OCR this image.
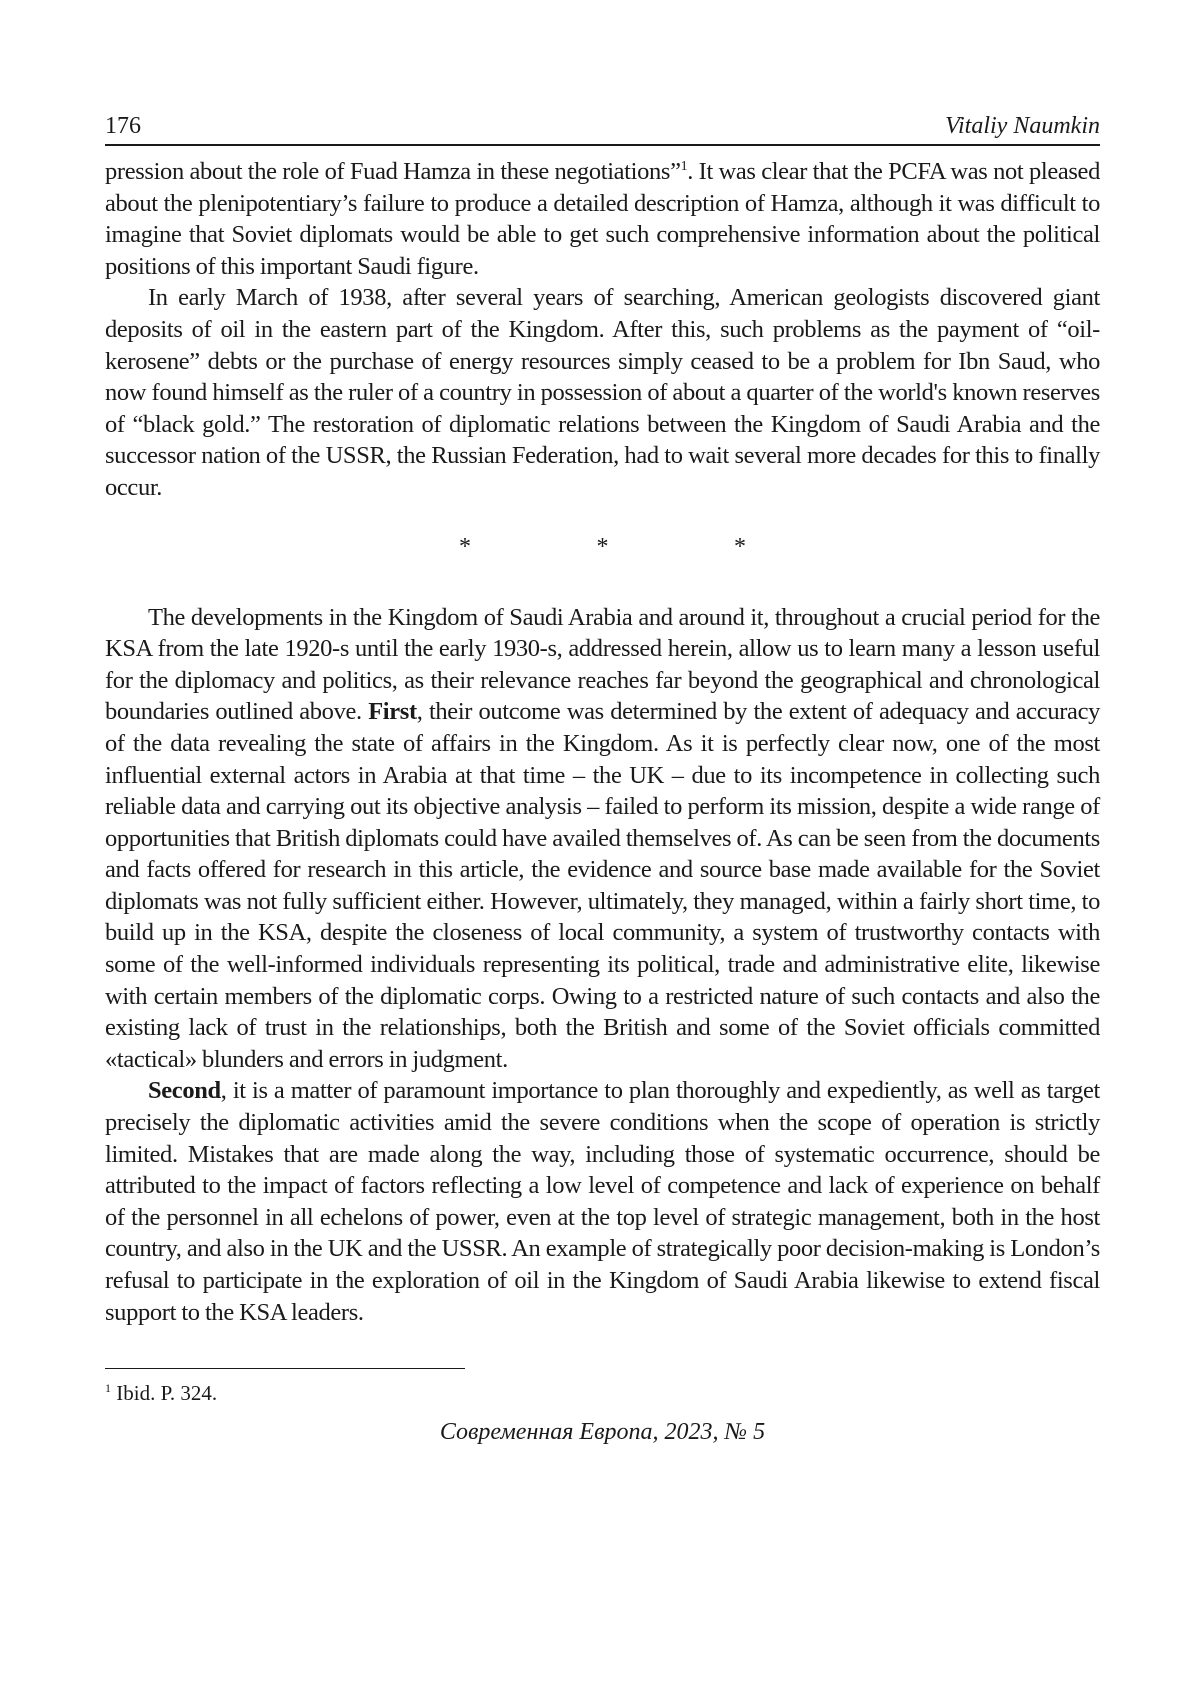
176	Vitaliy Naumkin

pression about the role of Fuad Hamza in these negotiations”$^1$. It was clear that the PCFA was not pleased about the plenipotentiary’s failure to produce a detailed description of Hamza, although it was difficult to imagine that Soviet diplomats would be able to get such comprehensive information about the political positions of this important Saudi figure.

In early March of 1938, after several years of searching, American geologists discovered giant deposits of oil in the eastern part of the Kingdom. After this, such problems as the payment of “oil-kerosene” debts or the purchase of energy resources simply ceased to be a problem for Ibn Saud, who now found himself as the ruler of a country in possession of about a quarter of the world's known reserves of “black gold.” The restoration of diplomatic relations between the Kingdom of Saudi Arabia and the successor nation of the USSR, the Russian Federation, had to wait several more decades for this to finally occur.

* * *

The developments in the Kingdom of Saudi Arabia and around it, throughout a crucial period for the KSA from the late 1920-s until the early 1930-s, addressed herein, allow us to learn many a lesson useful for the diplomacy and politics, as their relevance reaches far beyond the geographical and chronological boundaries outlined above. First, their outcome was determined by the extent of adequacy and accuracy of the data revealing the state of affairs in the Kingdom. As it is perfectly clear now, one of the most influential external actors in Arabia at that time – the UK – due to its incompetence in collecting such reliable data and carrying out its objective analysis – failed to perform its mission, despite a wide range of opportunities that British diplomats could have availed themselves of. As can be seen from the documents and facts offered for research in this article, the evidence and source base made available for the Soviet diplomats was not fully sufficient either. However, ultimately, they managed, within a fairly short time, to build up in the KSA, despite the closeness of local community, a system of trustworthy contacts with some of the well-informed individuals representing its political, trade and administrative elite, likewise with certain members of the diplomatic corps. Owing to a restricted nature of such contacts and also the existing lack of trust in the relationships, both the British and some of the Soviet officials committed «tactical» blunders and errors in judgment.

Second, it is a matter of paramount importance to plan thoroughly and expediently, as well as target precisely the diplomatic activities amid the severe conditions when the scope of operation is strictly limited. Mistakes that are made along the way, including those of systematic occurrence, should be attributed to the impact of factors reflecting a low level of competence and lack of experience on behalf of the personnel in all echelons of power, even at the top level of strategic management, both in the host country, and also in the UK and the USSR. An example of strategically poor decision-making is London’s refusal to participate in the exploration of oil in the Kingdom of Saudi Arabia likewise to extend fiscal support to the KSA leaders.

$^1$ Ibid. P. 324.
Современная Европа, 2023, № 5
